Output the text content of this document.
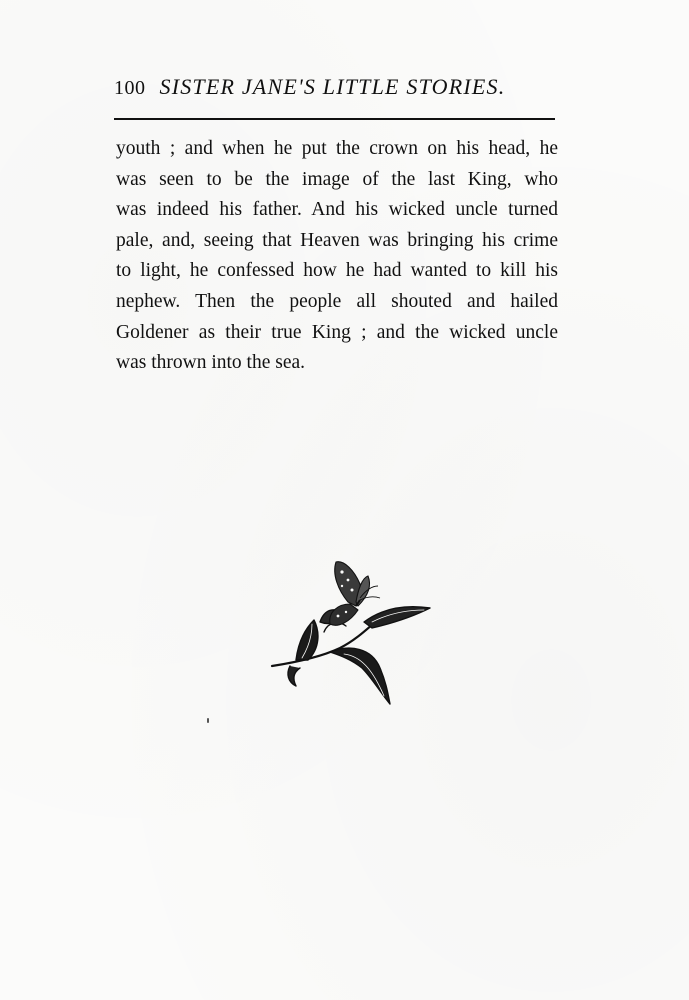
100 SISTER JANE'S LITTLE STORIES.

youth ; and when he put the crown on his head, he
was seen to be the image of the last King, who
was indeed his father. And his wicked uncle turned
pale, and, seeing that Heaven was bringing his crime
to light, he confessed how he had wanted to kill his
nephew. Then the people all shouted and hailed
Goldener as their true King ; and the wicked uncle
was thrown into the sea.
